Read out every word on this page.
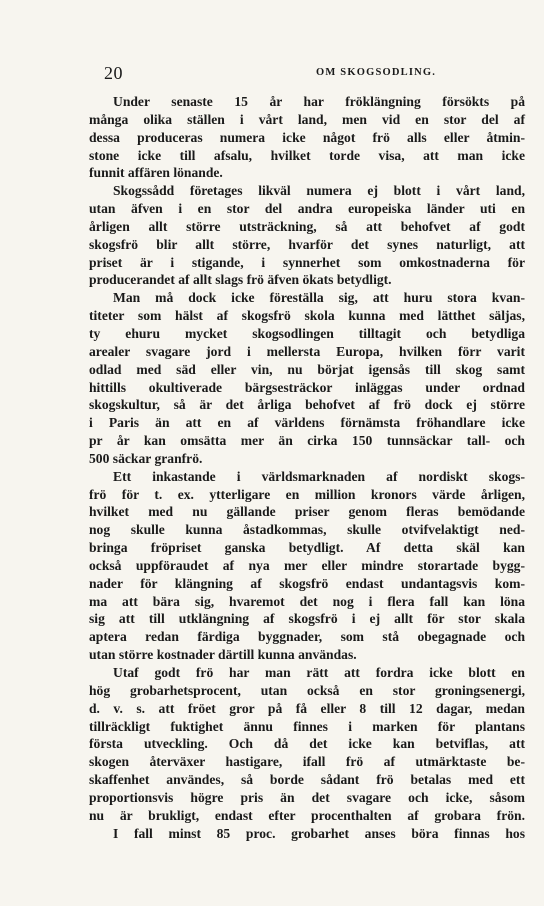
20	OM SKOGSODLING.
Under senaste 15 år har fröklängning försökts på
många olika ställen i vårt land, men vid en stor del af
dessa produceras numera icke något frö alls eller åtmin-
stone icke till afsalu, hvilket torde visa, att man icke
funnit affären lönande.
Skogssådd företages likväl numera ej blott i vårt land,
utan äfven i en stor del andra europeiska länder uti en
årligen allt större utsträckning, så att behofvet af godt
skogsfrö blir allt större, hvarför det synes naturligt, att
priset är i stigande, i synnerhet som omkostnaderna för
producerandet af allt slags frö äfven ökats betydligt.
Man må dock icke föreställa sig, att huru stora kvan-
titeter som hälst af skogsfrö skola kunna med lätthet säljas,
ty ehuru mycket skogsodlingen tilltagit och betydliga
arealer svagare jord i mellersta Europa, hvilken förr varit
odlad med säd eller vin, nu börjat igensås till skog samt
hittills okultiverade bärgsesträckor inläggas under ordnad
skogskultur, så är det årliga behofvet af frö dock ej större
i Paris än att en af världens förnämsta fröhandlare icke
pr år kan omsätta mer än cirka 150 tunnsäckar tall- och
500 säckar granfrö.
Ett inkastande i världsmarknaden af nordiskt skogs-
frö för t. ex. ytterligare en million kronors värde årligen,
hvilket med nu gällande priser genom fleras bemödande
nog skulle kunna åstadkommas, skulle otvifvelaktigt ned-
bringa fröpriset ganska betydligt. Af detta skäl kan
också uppföraudet af nya mer eller mindre storartade bygg-
nader för klängning af skogsfrö endast undantagsvis kom-
ma att bära sig, hvaremot det nog i flera fall kan löna
sig att till utklängning af skogsfrö i ej allt för stor skala
aptera redan färdiga byggnader, som stå obegagnade och
utan större kostnader därtill kunna användas.
Utaf godt frö har man rätt att fordra icke blott en
hög grobarhetsprocent, utan också en stor groningsenergi,
d. v. s. att fröet gror på få eller 8 till 12 dagar, medan
tillräckligt fuktighet ännu finnes i marken för plantans
första utveckling. Och då det icke kan betviflas, att
skogen återväxer hastigare, ifall frö af utmärktaste be-
skaffenhet användes, så borde sådant frö betalas med ett
proportionsvis högre pris än det svagare och icke, såsom
nu är brukligt, endast efter procenthalten af grobara frön.
I fall minst 85 proc. grobarhet anses böra finnas hos
